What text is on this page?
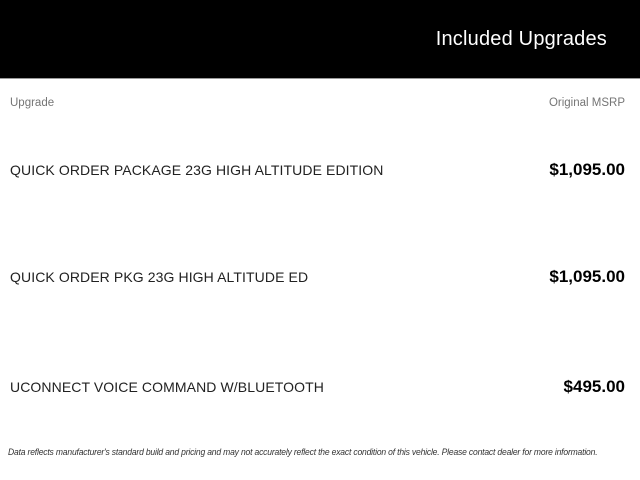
Included Upgrades
Upgrade	Original MSRP
QUICK ORDER PACKAGE 23G HIGH ALTITUDE EDITION	$1,095.00
QUICK ORDER PKG 23G HIGH ALTITUDE ED	$1,095.00
UCONNECT VOICE COMMAND W/BLUETOOTH	$495.00
Data reflects manufacturer's standard build and pricing and may not accurately reflect the exact condition of this vehicle. Please contact dealer for more information.
